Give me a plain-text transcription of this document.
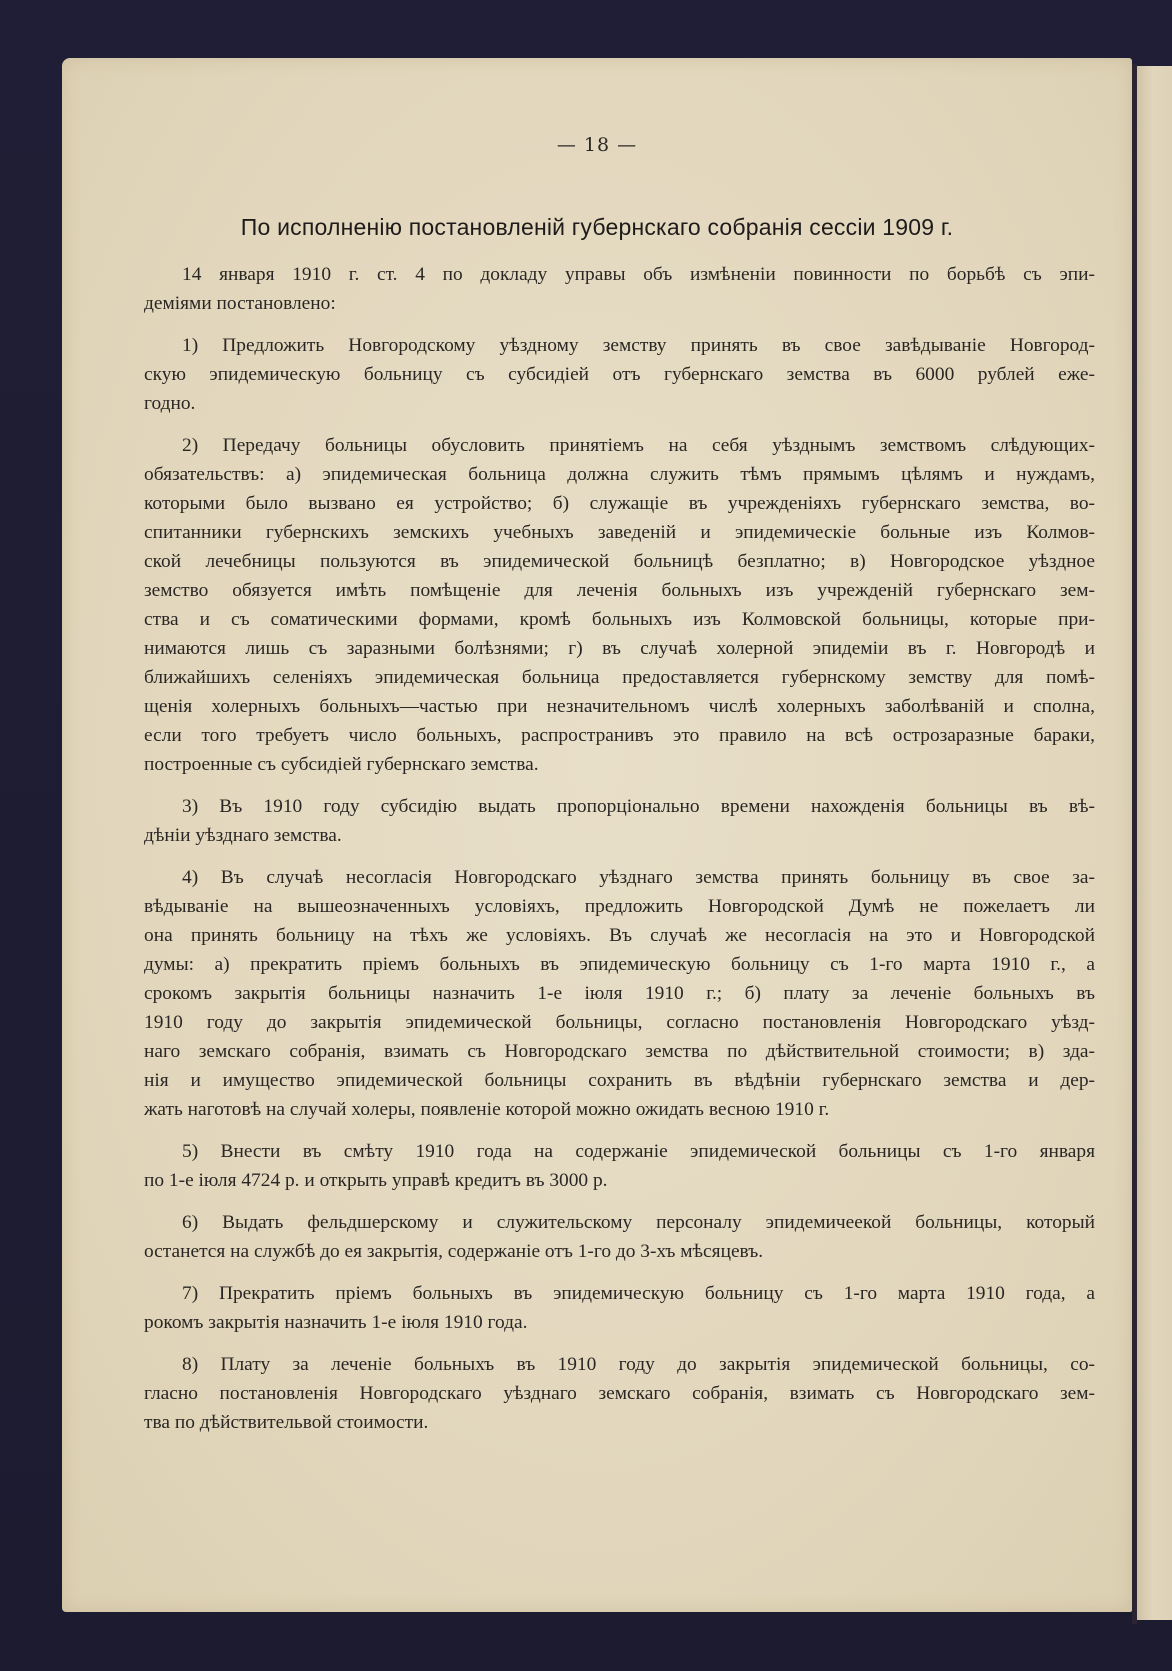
— 18 —
По исполненію постановленій губернскаго собранія сессіи 1909 г.
14 января 1910 г. ст. 4 по докладу управы объ измѣненіи повинности по борьбѣ съ эпи-
деміями постановлено:
1) Предложить Новгородскому уѣздному земству принять въ свое завѣдываніе Новгород-
скую эпидемическую больницу съ субсидіей отъ губернскаго земства въ 6000 рублей еже-
годно.
2) Передачу больницы обусловить принятіемъ на себя уѣзднымъ земствомъ слѣдующих-
обязательствъ: а) эпидемическая больница должна служить тѣмъ прямымъ цѣлямъ и нуждамъ,
которыми было вызвано ея устройство; б) служащіе въ учрежденіяхъ губернскаго земства, во-
спитанники губернскихъ земскихъ учебныхъ заведеній и эпидемическіе больные изъ Колмов-
ской лечебницы пользуются въ эпидемической больницѣ безплатно; в) Новгородское уѣздное
земство обязуется имѣть помѣщеніе для леченія больныхъ изъ учрежденій губернскаго зем-
ства и съ соматическими формами, кромѣ больныхъ изъ Колмовской больницы, которые при-
нимаются лишь съ заразными болѣзнями; г) въ случаѣ холерной эпидеміи въ г. Новгородѣ и
ближайшихъ селеніяхъ эпидемическая больница предоставляется губернскому земству для помѣ-
щенія холерныхъ больныхъ—частью при незначительномъ числѣ холерныхъ заболѣваній и сполна,
если того требуетъ число больныхъ, распространивъ это правило на всѣ острозаразные бараки,
построенные съ субсидіей губернскаго земства.
3) Въ 1910 году субсидію выдать пропорціонально времени нахожденія больницы въ вѣ-
дѣніи уѣзднаго земства.
4) Въ случаѣ несогласія Новгородскаго уѣзднаго земства принять больницу въ свое за-
вѣдываніе на вышеозначенныхъ условіяхъ, предложить Новгородской Думѣ не пожелаетъ ли
она принять больницу на тѣхъ же условіяхъ. Въ случаѣ же несогласія на это и Новгородской
думы: а) прекратить пріемъ больныхъ въ эпидемическую больницу съ 1-го марта 1910 г., а
срокомъ закрытія больницы назначить 1-е іюля 1910 г.; б) плату за леченіе больныхъ въ
1910 году до закрытія эпидемической больницы, согласно постановленія Новгородскаго уѣзд-
наго земскаго собранія, взимать съ Новгородскаго земства по дѣйствительной стоимости; в) зда-
нія и имущество эпидемической больницы сохранить въ вѣдѣніи губернскаго земства и дер-
жать наготовѣ на случай холеры, появленіе которой можно ожидать весною 1910 г.
5) Внести въ смѣту 1910 года на содержаніе эпидемической больницы съ 1-го января
по 1-е іюля 4724 р. и открыть управѣ кредитъ въ 3000 р.
6) Выдать фельдшерскому и служительскому персоналу эпидемичеекой больницы, который
останется на службѣ до ея закрытія, содержаніе отъ 1-го до 3-хъ мѣсяцевъ.
7) Прекратить пріемъ больныхъ въ эпидемическую больницу съ 1-го марта 1910 года, а
рокомъ закрытія назначить 1-е іюля 1910 года.
8) Плату за леченіе больныхъ въ 1910 году до закрытія эпидемической больницы, со-
гласно постановленія Новгородскаго уѣзднаго земскаго собранія, взимать съ Новгородскаго зем-
тва по дѣйствительвой стоимости.
